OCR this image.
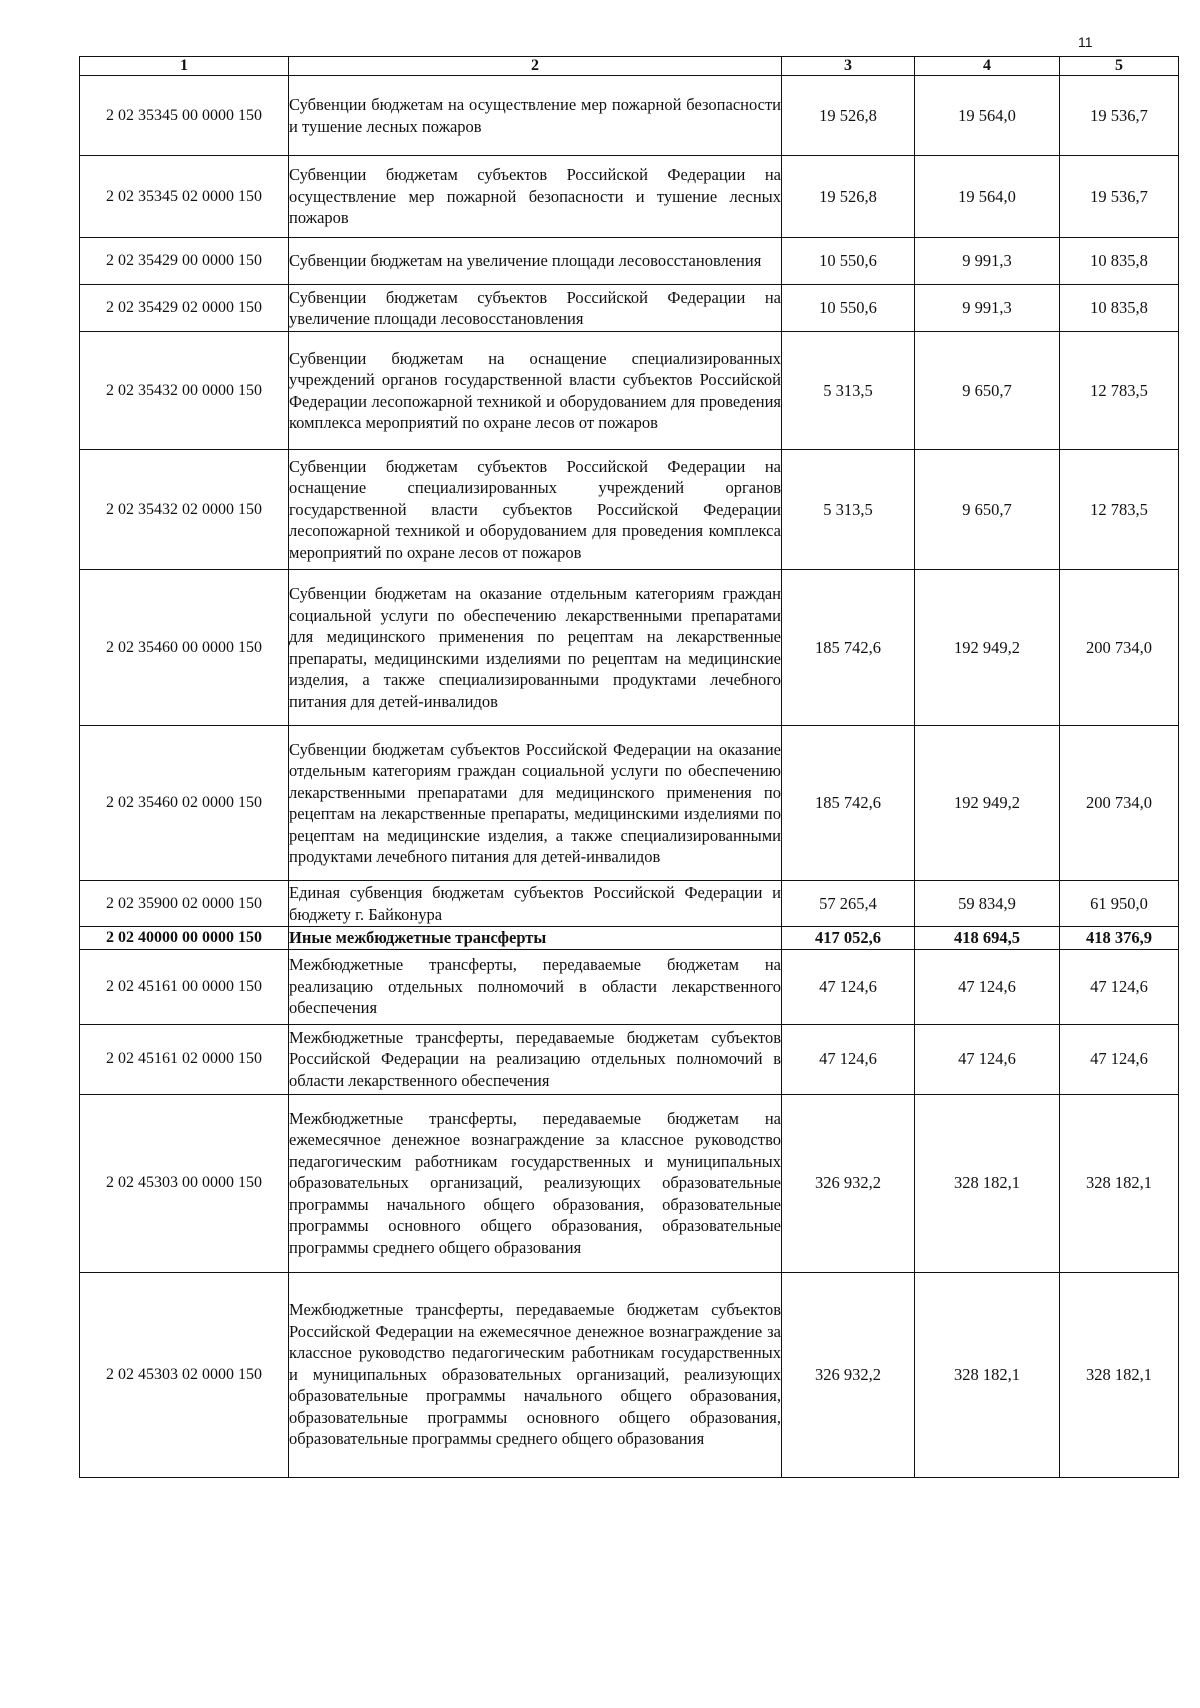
11
1	2	3	4	5
2 02 35345 00 0000 150	Субвенции бюджетам на осуществление мер пожарной безопасности и тушение лесных пожаров	19 526,8	19 564,0	19 536,7
2 02 35345 02 0000 150	Субвенции бюджетам субъектов Российской Федерации на осуществление мер пожарной безопасности и тушение лесных пожаров	19 526,8	19 564,0	19 536,7
2 02 35429 00 0000 150	Субвенции бюджетам на увеличение площади лесовосстановления	10 550,6	9 991,3	10 835,8
2 02 35429 02 0000 150	Субвенции бюджетам субъектов Российской Федерации на увеличение площади лесовосстановления	10 550,6	9 991,3	10 835,8
2 02 35432 00 0000 150	Субвенции бюджетам на оснащение специализированных учреждений органов государственной власти субъектов Российской Федерации лесопожарной техникой и оборудованием для проведения комплекса мероприятий по охране лесов от пожаров	5 313,5	9 650,7	12 783,5
2 02 35432 02 0000 150	Субвенции бюджетам субъектов Российской Федерации на оснащение специализированных учреждений органов государственной власти субъектов Российской Федерации лесопожарной техникой и оборудованием для проведения комплекса мероприятий по охране лесов от пожаров	5 313,5	9 650,7	12 783,5
2 02 35460 00 0000 150	Субвенции бюджетам на оказание отдельным категориям граждан социальной услуги по обеспечению лекарственными препаратами для медицинского применения по рецептам на лекарственные препараты, медицинскими изделиями по рецептам на медицинские изделия, а также специализированными продуктами лечебного питания для детей-инвалидов	185 742,6	192 949,2	200 734,0
2 02 35460 02 0000 150	Субвенции бюджетам субъектов Российской Федерации на оказание отдельным категориям граждан социальной услуги по обеспечению лекарственными препаратами для медицинского применения по рецептам на лекарственные препараты, медицинскими изделиями по рецептам на медицинские изделия, а также специализированными продуктами лечебного питания для детей-инвалидов	185 742,6	192 949,2	200 734,0
2 02 35900 02 0000 150	Единая субвенция бюджетам субъектов Российской Федерации и бюджету г. Байконура	57 265,4	59 834,9	61 950,0
2 02 40000 00 0000 150	Иные межбюджетные трансферты	417 052,6	418 694,5	418 376,9
2 02 45161 00 0000 150	Межбюджетные трансферты, передаваемые бюджетам на реализацию отдельных полномочий в области лекарственного обеспечения	47 124,6	47 124,6	47 124,6
2 02 45161 02 0000 150	Межбюджетные трансферты, передаваемые бюджетам субъектов Российской Федерации на реализацию отдельных полномочий в области лекарственного обеспечения	47 124,6	47 124,6	47 124,6
2 02 45303 00 0000 150	Межбюджетные трансферты, передаваемые бюджетам на ежемесячное денежное вознаграждение за классное руководство педагогическим работникам государственных и муниципальных образовательных организаций, реализующих образовательные программы начального общего образования, образовательные программы основного общего образования, образовательные программы среднего общего образования	326 932,2	328 182,1	328 182,1
2 02 45303 02 0000 150	Межбюджетные трансферты, передаваемые бюджетам субъектов Российской Федерации на ежемесячное денежное вознаграждение за классное руководство педагогическим работникам государственных и муниципальных образовательных организаций, реализующих образовательные программы начального общего образования, образовательные программы основного общего образования, образовательные программы среднего общего образования	326 932,2	328 182,1	328 182,1
